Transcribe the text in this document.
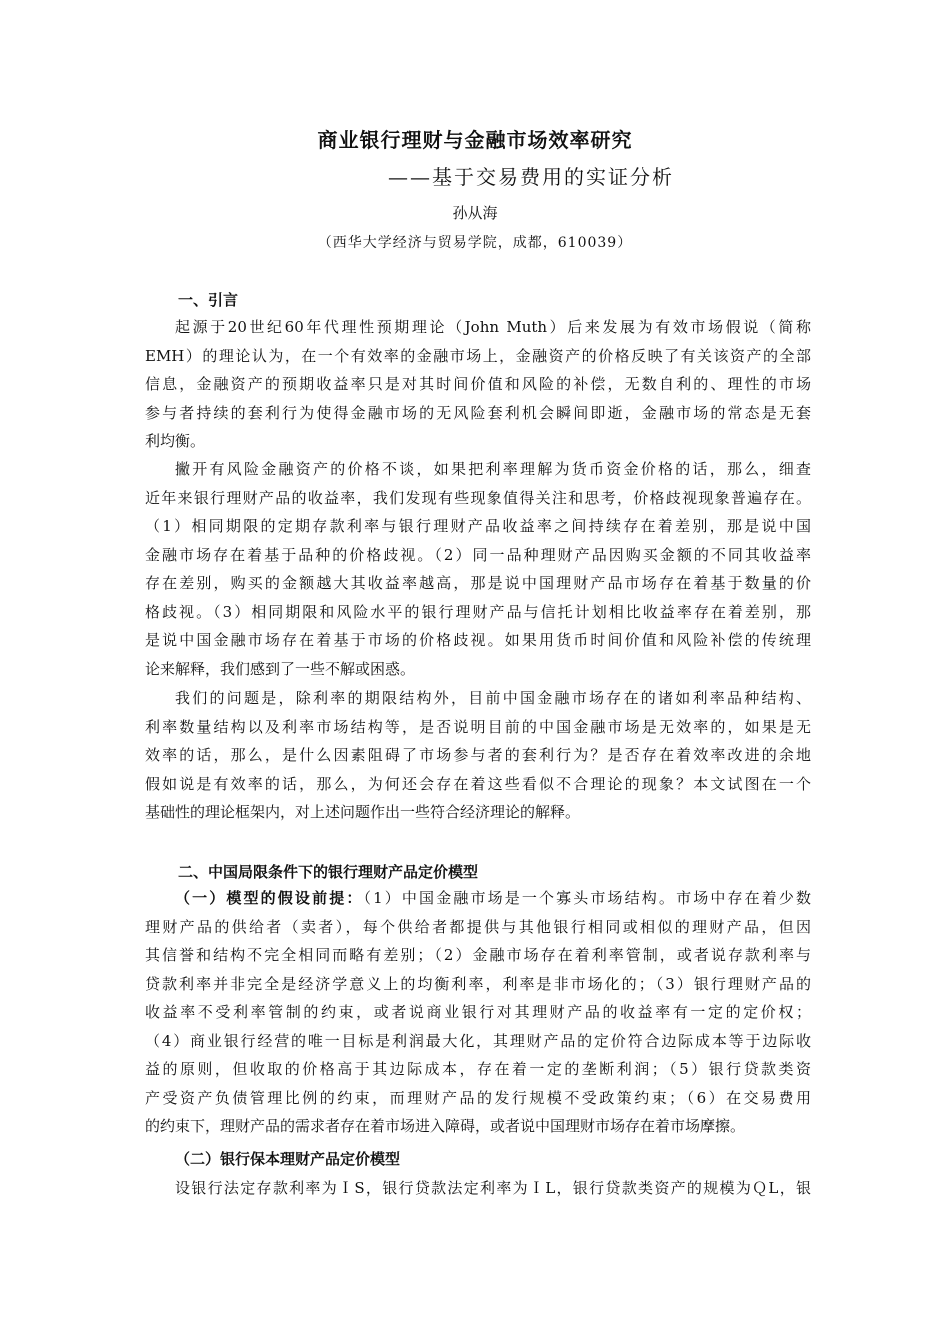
商业银行理财与金融市场效率研究
——基于交易费用的实证分析
孙从海
（西华大学经济与贸易学院，成都，610039）
一、引言
起源于20世纪60年代理性预期理论（John Muth）后来发展为有效市场假说（简称
EMH）的理论认为，在一个有效率的金融市场上，金融资产的价格反映了有关该资产的全部
信息，金融资产的预期收益率只是对其时间价值和风险的补偿，无数自利的、理性的市场
参与者持续的套利行为使得金融市场的无风险套利机会瞬间即逝，金融市场的常态是无套
利均衡。
撇开有风险金融资产的价格不谈，如果把利率理解为货币资金价格的话，那么，细查
近年来银行理财产品的收益率，我们发现有些现象值得关注和思考，价格歧视现象普遍存在。
（1）相同期限的定期存款利率与银行理财产品收益率之间持续存在着差别，那是说中国
金融市场存在着基于品种的价格歧视。（2）同一品种理财产品因购买金额的不同其收益率
存在差别，购买的金额越大其收益率越高，那是说中国理财产品市场存在着基于数量的价
格歧视。（3）相同期限和风险水平的银行理财产品与信托计划相比收益率存在着差别，那
是说中国金融市场存在着基于市场的价格歧视。如果用货币时间价值和风险补偿的传统理
论来解释，我们感到了一些不解或困惑。
我们的问题是，除利率的期限结构外，目前中国金融市场存在的诸如利率品种结构、
利率数量结构以及利率市场结构等，是否说明目前的中国金融市场是无效率的，如果是无
效率的话，那么，是什么因素阻碍了市场参与者的套利行为？是否存在着效率改进的余地
假如说是有效率的话，那么，为何还会存在着这些看似不合理论的现象？本文试图在一个
基础性的理论框架内，对上述问题作出一些符合经济理论的解释。
二、中国局限条件下的银行理财产品定价模型
（一）模型的假设前提：（1）中国金融市场是一个寡头市场结构。市场中存在着少数
理财产品的供给者（卖者），每个供给者都提供与其他银行相同或相似的理财产品，但因
其信誉和结构不完全相同而略有差别；（2）金融市场存在着利率管制，或者说存款利率与
贷款利率并非完全是经济学意义上的均衡利率，利率是非市场化的；（3）银行理财产品的
收益率不受利率管制的约束，或者说商业银行对其理财产品的收益率有一定的定价权；
（4）商业银行经营的唯一目标是利润最大化，其理财产品的定价符合边际成本等于边际收
益的原则，但收取的价格高于其边际成本，存在着一定的垄断利润；（5）银行贷款类资
产受资产负债管理比例的约束，而理财产品的发行规模不受政策约束；（6）在交易费用
的约束下，理财产品的需求者存在着市场进入障碍，或者说中国理财市场存在着市场摩擦。
（二）银行保本理财产品定价模型
设银行法定存款利率为ＩS，银行贷款法定利率为ＩL，银行贷款类资产的规模为ＱL，银
